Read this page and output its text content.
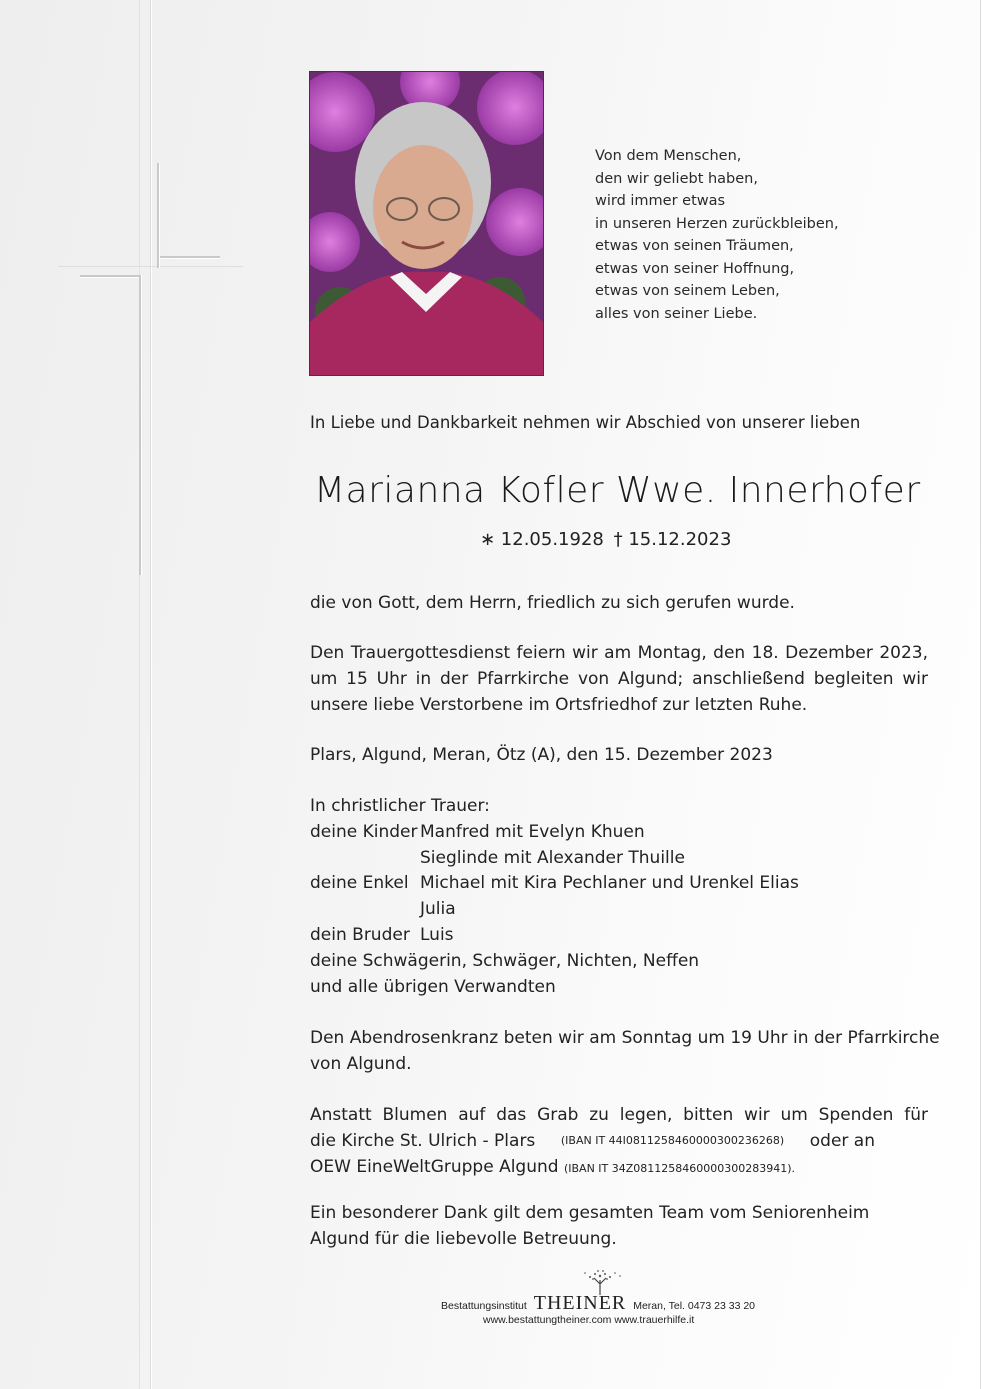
Von dem Menschen,
den wir geliebt haben,
wird immer etwas
in unseren Herzen zurückbleiben,
etwas von seinen Träumen,
etwas von seiner Hoffnung,
etwas von seinem Leben,
alles von seiner Liebe.
In Liebe und Dankbarkeit nehmen wir Abschied von unserer lieben
Marianna Kofler Wwe. Innerhofer
∗ 12.05.1928 † 15.12.2023
die von Gott, dem Herrn, friedlich zu sich gerufen wurde.
Den Trauergottesdienst feiern wir am Montag, den 18. Dezember 2023,
um 15 Uhr in der Pfarrkirche von Algund; anschließend begleiten wir
unsere liebe Verstorbene im Ortsfriedhof zur letzten Ruhe.
Plars, Algund, Meran, Ötz (A), den 15. Dezember 2023
In christlicher Trauer:
deine Kinder Manfred mit Evelyn Khuen
Sieglinde mit Alexander Thuille
deine Enkel Michael mit Kira Pechlaner und Urenkel Elias
Julia
dein Bruder Luis
deine Schwägerin, Schwäger, Nichten, Neffen
und alle übrigen Verwandten
Den Abendrosenkranz beten wir am Sonntag um 19 Uhr in der Pfarrkirche
von Algund.
Anstatt Blumen auf das Grab zu legen, bitten wir um Spenden für
die Kirche St. Ulrich - Plars (IBAN IT 44I0811258460000300236268) oder an
OEW EineWeltGruppe Algund (IBAN IT 34Z0811258460000300283941).
Ein besonderer Dank gilt dem gesamten Team vom Seniorenheim
Algund für die liebevolle Betreuung.
Bestattungsinstitut THEINER Meran, Tel. 0473 23 33 20
www.bestattungtheiner.com www.trauerhilfe.it
